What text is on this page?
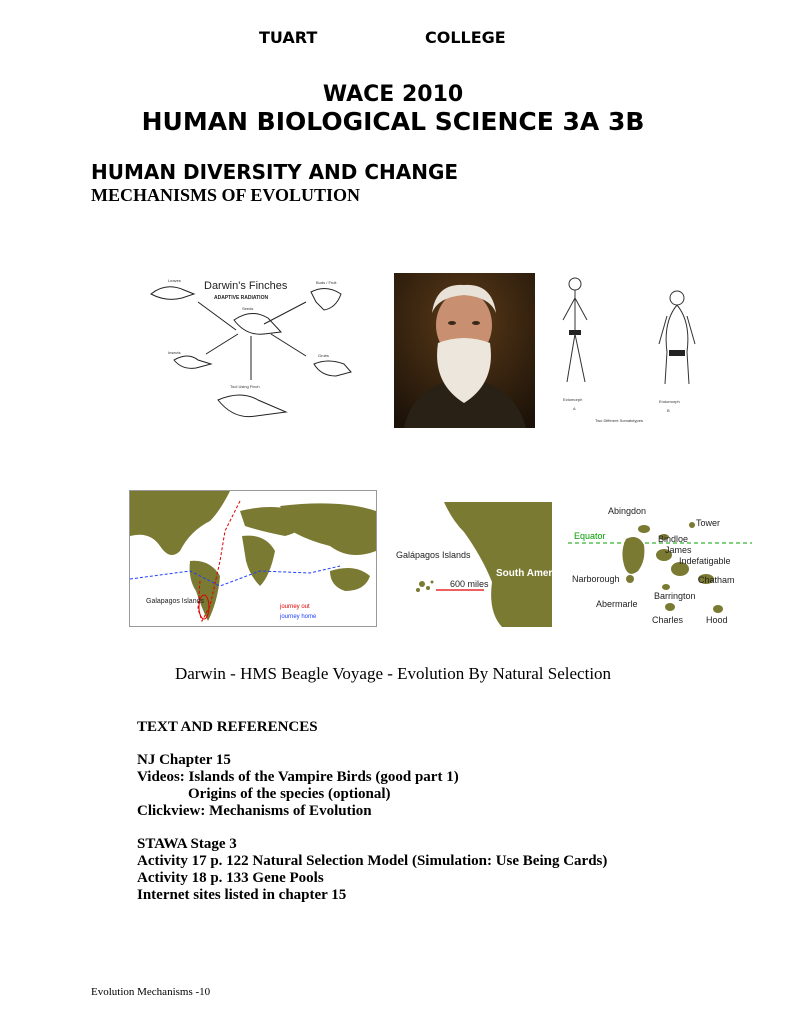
TUART	COLLEGE
WACE 2010
HUMAN BIOLOGICAL SCIENCE 3A 3B
HUMAN DIVERSITY AND CHANGE
MECHANISMS OF EVOLUTION
Darwin's Finches
ADAPTIVE RADIATION
Leaves	Buds / Fruit
Seeds
Insects
Grubs
Tool Using Finch
Ectomorph
A
Endomorph
B
Two Different Somatotypes
Galapagos Islands
journey out
journey home
Galápagos Islands
600 miles
South America
Abingdon
Tower
Bindloe
James
Indefatigable
Narborough	Chatham
Barrington
Abermarle
Charles	Hood
Equator
Darwin - HMS Beagle Voyage - Evolution By Natural Selection
TEXT AND REFERENCES
NJ Chapter 15
Videos: Islands of the Vampire Birds (good part 1)
Origins of the species (optional)
Clickview: Mechanisms of Evolution
STAWA Stage 3
Activity 17 p. 122 Natural Selection Model (Simulation: Use Being Cards)
Activity 18 p. 133 Gene Pools
Internet sites listed in chapter 15
Evolution Mechanisms -10
